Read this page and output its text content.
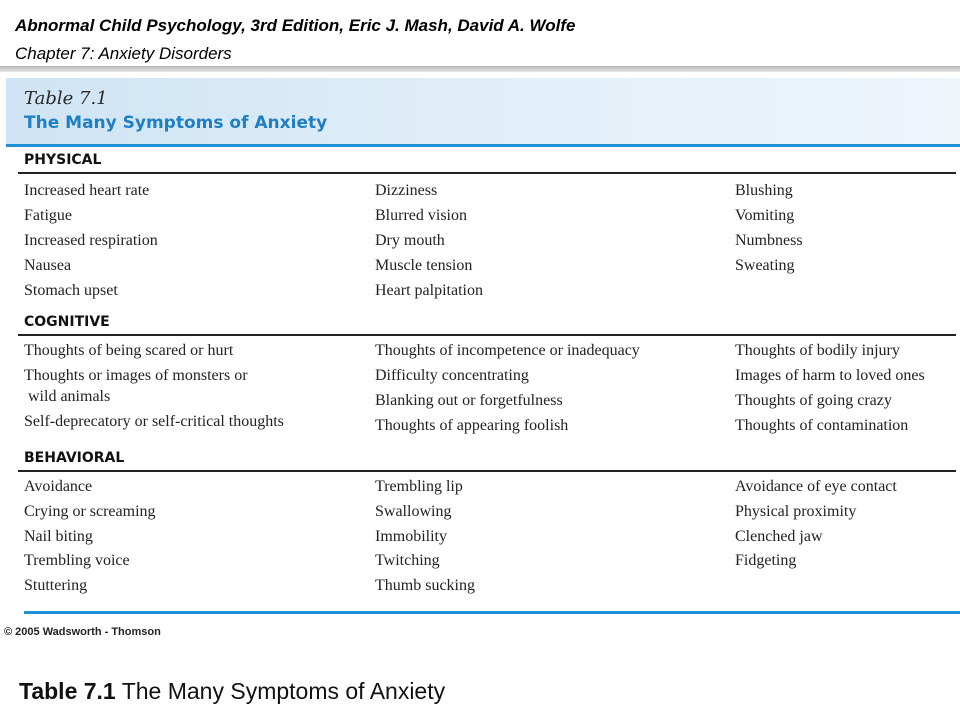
Abnormal Child Psychology, 3rd Edition, Eric J. Mash, David A. Wolfe
Chapter 7: Anxiety Disorders
Table 7.1
The Many Symptoms of Anxiety
PHYSICAL
Increased heart rate
Fatigue
Increased respiration
Nausea
Stomach upset
Dizziness
Blurred vision
Dry mouth
Muscle tension
Heart palpitation
Blushing
Vomiting
Numbness
Sweating
COGNITIVE
Thoughts of being scared or hurt
Thoughts or images of monsters or
wild animals
Self-deprecatory or self-critical thoughts
Thoughts of incompetence or inadequacy
Difficulty concentrating
Blanking out or forgetfulness
Thoughts of appearing foolish
Thoughts of bodily injury
Images of harm to loved ones
Thoughts of going crazy
Thoughts of contamination
BEHAVIORAL
Avoidance
Crying or screaming
Nail biting
Trembling voice
Stuttering
Trembling lip
Swallowing
Immobility
Twitching
Thumb sucking
Avoidance of eye contact
Physical proximity
Clenched jaw
Fidgeting
© 2005 Wadsworth - Thomson
Table 7.1 The Many Symptoms of Anxiety
